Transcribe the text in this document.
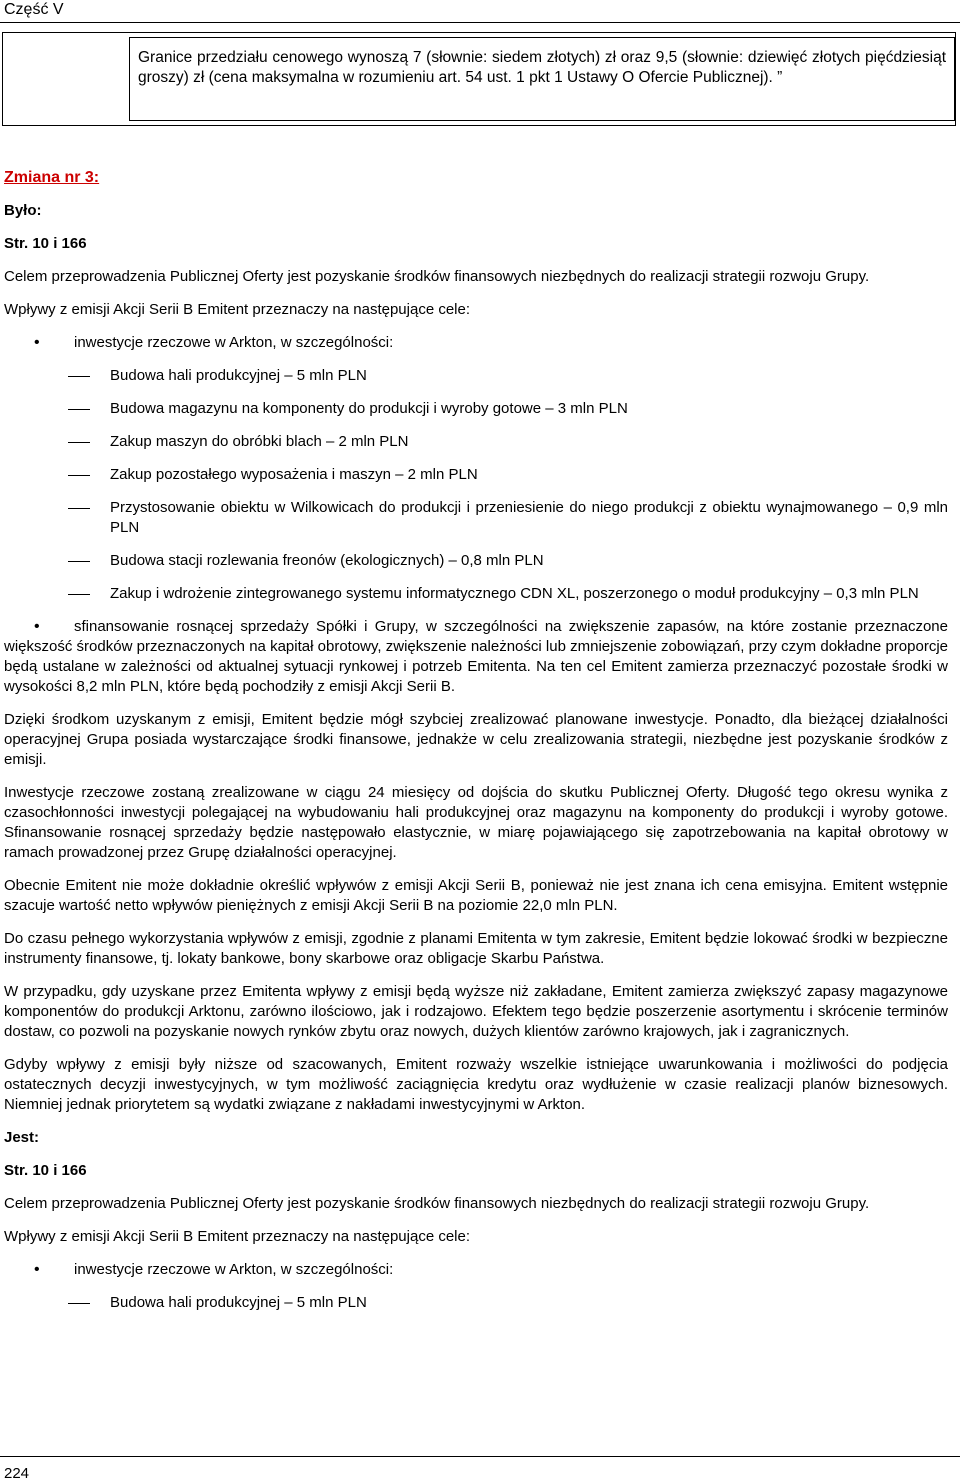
Część V
Granice przedziału cenowego wynoszą 7 (słownie: siedem złotych) zł oraz 9,5 (słownie: dziewięć złotych pięćdziesiąt groszy) zł (cena maksymalna w rozumieniu art. 54 ust. 1 pkt 1 Ustawy O Ofercie Publicznej). ”
Zmiana nr 3:
Było:
Str. 10 i 166

Celem przeprowadzenia Publicznej Oferty jest pozyskanie środków finansowych niezbędnych do realizacji strategii rozwoju Grupy.

Wpływy z emisji Akcji Serii B Emitent przeznaczy na następujące cele:

• inwestycje rzeczowe w Arkton, w szczególności:
Budowa hali produkcyjnej – 5 mln PLN
Budowa magazynu na komponenty do produkcji i wyroby gotowe – 3 mln PLN
Zakup maszyn do obróbki blach – 2 mln PLN
Zakup pozostałego wyposażenia i maszyn – 2 mln PLN
Przystosowanie obiektu w Wilkowicach do produkcji i przeniesienie do niego produkcji z obiektu wynajmowanego – 0,9 mln PLN
Budowa stacji rozlewania freonów (ekologicznych) – 0,8 mln PLN
Zakup i wdrożenie zintegrowanego systemu informatycznego CDN XL, poszerzonego o moduł produkcyjny – 0,3 mln PLN
• sfinansowanie rosnącej sprzedaży Spółki i Grupy, w szczególności na zwiększenie zapasów, na które zostanie przeznaczone większość środków przeznaczonych na kapitał obrotowy, zwiększenie należności lub zmniejszenie zobowiązań, przy czym dokładne proporcje będą ustalane w zależności od aktualnej sytuacji rynkowej i potrzeb Emitenta. Na ten cel Emitent zamierza przeznaczyć pozostałe środki w wysokości 8,2 mln PLN, które będą pochodziły z emisji Akcji Serii B.

Dzięki środkom uzyskanym z emisji, Emitent będzie mógł szybciej zrealizować planowane inwestycje. Ponadto, dla bieżącej działalności operacyjnej Grupa posiada wystarczające środki finansowe, jednakże w celu zrealizowania strategii, niezbędne jest pozyskanie środków z emisji.

Inwestycje rzeczowe zostaną zrealizowane w ciągu 24 miesięcy od dojścia do skutku Publicznej Oferty. Długość tego okresu wynika z czasochłonności inwestycji polegającej na wybudowaniu hali produkcyjnej oraz magazynu na komponenty do produkcji i wyroby gotowe. Sfinansowanie rosnącej sprzedaży będzie następowało elastycznie, w miarę pojawiającego się zapotrzebowania na kapitał obrotowy w ramach prowadzonej przez Grupę działalności operacyjnej.

Obecnie Emitent nie może dokładnie określić wpływów z emisji Akcji Serii B, ponieważ nie jest znana ich cena emisyjna. Emitent wstępnie szacuje wartość netto wpływów pieniężnych z emisji Akcji Serii B na poziomie 22,0 mln PLN.

Do czasu pełnego wykorzystania wpływów z emisji, zgodnie z planami Emitenta w tym zakresie, Emitent będzie lokować środki w bezpieczne instrumenty finansowe, tj. lokaty bankowe, bony skarbowe oraz obligacje Skarbu Państwa.

W przypadku, gdy uzyskane przez Emitenta wpływy z emisji będą wyższe niż zakładane, Emitent zamierza zwiększyć zapasy magazynowe komponentów do produkcji Arktonu, zarówno ilościowo, jak i rodzajowo. Efektem tego będzie poszerzenie asortymentu i skrócenie terminów dostaw, co pozwoli na pozyskanie nowych rynków zbytu oraz nowych, dużych klientów zarówno krajowych, jak i zagranicznych.

Gdyby wpływy z emisji były niższe od szacowanych, Emitent rozważy wszelkie istniejące uwarunkowania i możliwości do podjęcia ostatecznych decyzji inwestycyjnych, w tym możliwość zaciągnięcia kredytu oraz wydłużenie w czasie realizacji planów biznesowych. Niemniej jednak priorytetem są wydatki związane z nakładami inwestycyjnymi w Arkton.

Jest:
Str. 10 i 166

Celem przeprowadzenia Publicznej Oferty jest pozyskanie środków finansowych niezbędnych do realizacji strategii rozwoju Grupy.

Wpływy z emisji Akcji Serii B Emitent przeznaczy na następujące cele:

• inwestycje rzeczowe w Arkton, w szczególności:
Budowa hali produkcyjnej – 5 mln PLN
224
